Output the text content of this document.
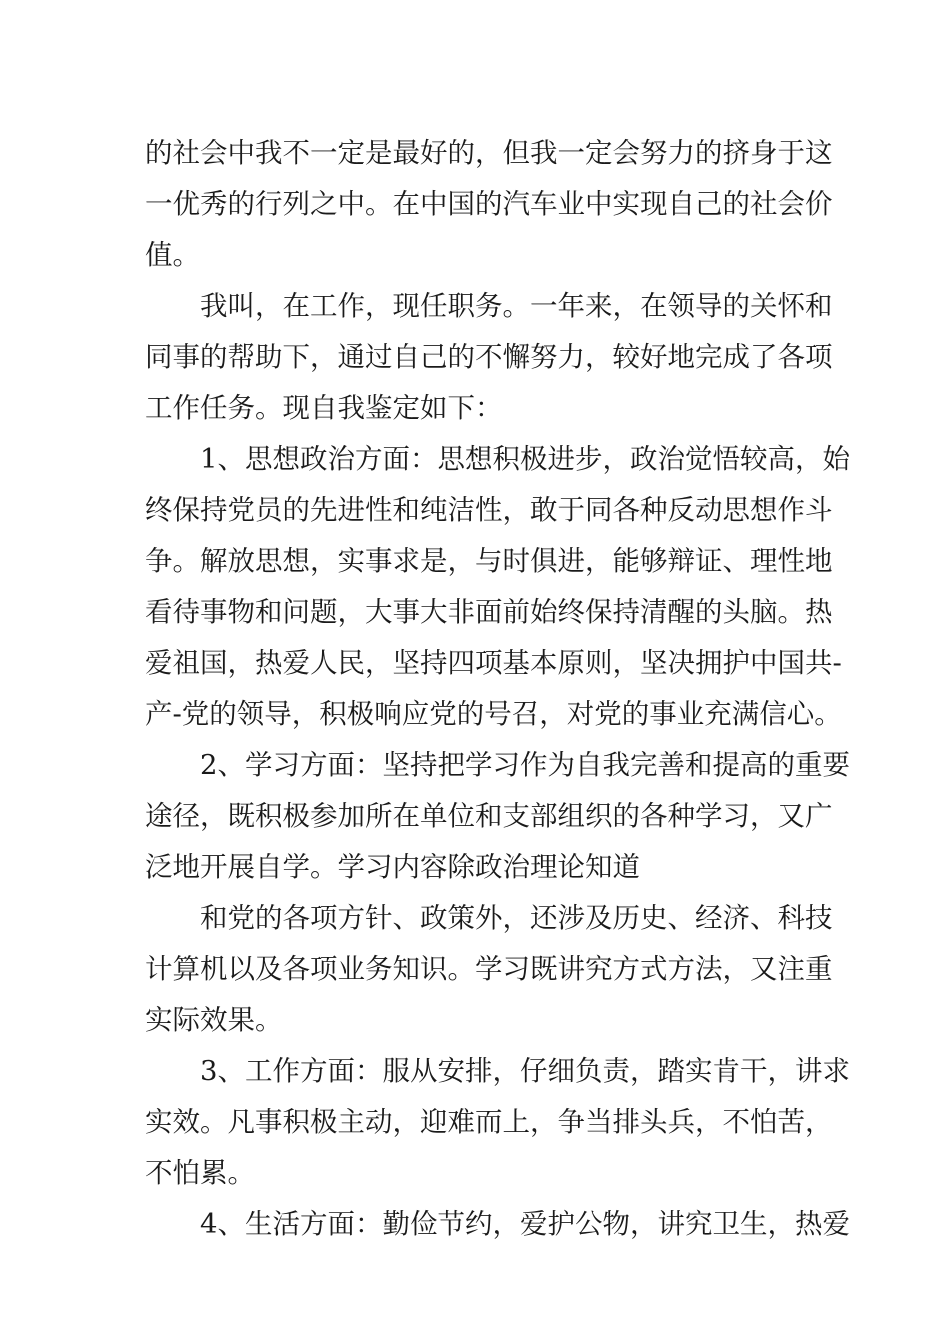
的社会中我不一定是最好的，但我一定会努力的挤身于这
一优秀的行列之中。在中国的汽车业中实现自己的社会价
值。
我叫，在工作，现任职务。一年来，在领导的关怀和
同事的帮助下，通过自己的不懈努力，较好地完成了各项
工作任务。现自我鉴定如下：
1、思想政治方面：思想积极进步，政治觉悟较高，始
终保持党员的先进性和纯洁性，敢于同各种反动思想作斗
争。解放思想，实事求是，与时俱进，能够辩证、理性地
看待事物和问题，大事大非面前始终保持清醒的头脑。热
爱祖国，热爱人民，坚持四项基本原则，坚决拥护中国共-
产-党的领导，积极响应党的号召，对党的事业充满信心。
2、学习方面：坚持把学习作为自我完善和提高的重要
途径，既积极参加所在单位和支部组织的各种学习，又广
泛地开展自学。学习内容除政治理论知道
和党的各项方针、政策外，还涉及历史、经济、科技
计算机以及各项业务知识。学习既讲究方式方法，又注重
实际效果。
3、工作方面：服从安排，仔细负责，踏实肯干，讲求
实效。凡事积极主动，迎难而上，争当排头兵，不怕苦，
不怕累。
4、生活方面：勤俭节约，爱护公物，讲究卫生，热爱
